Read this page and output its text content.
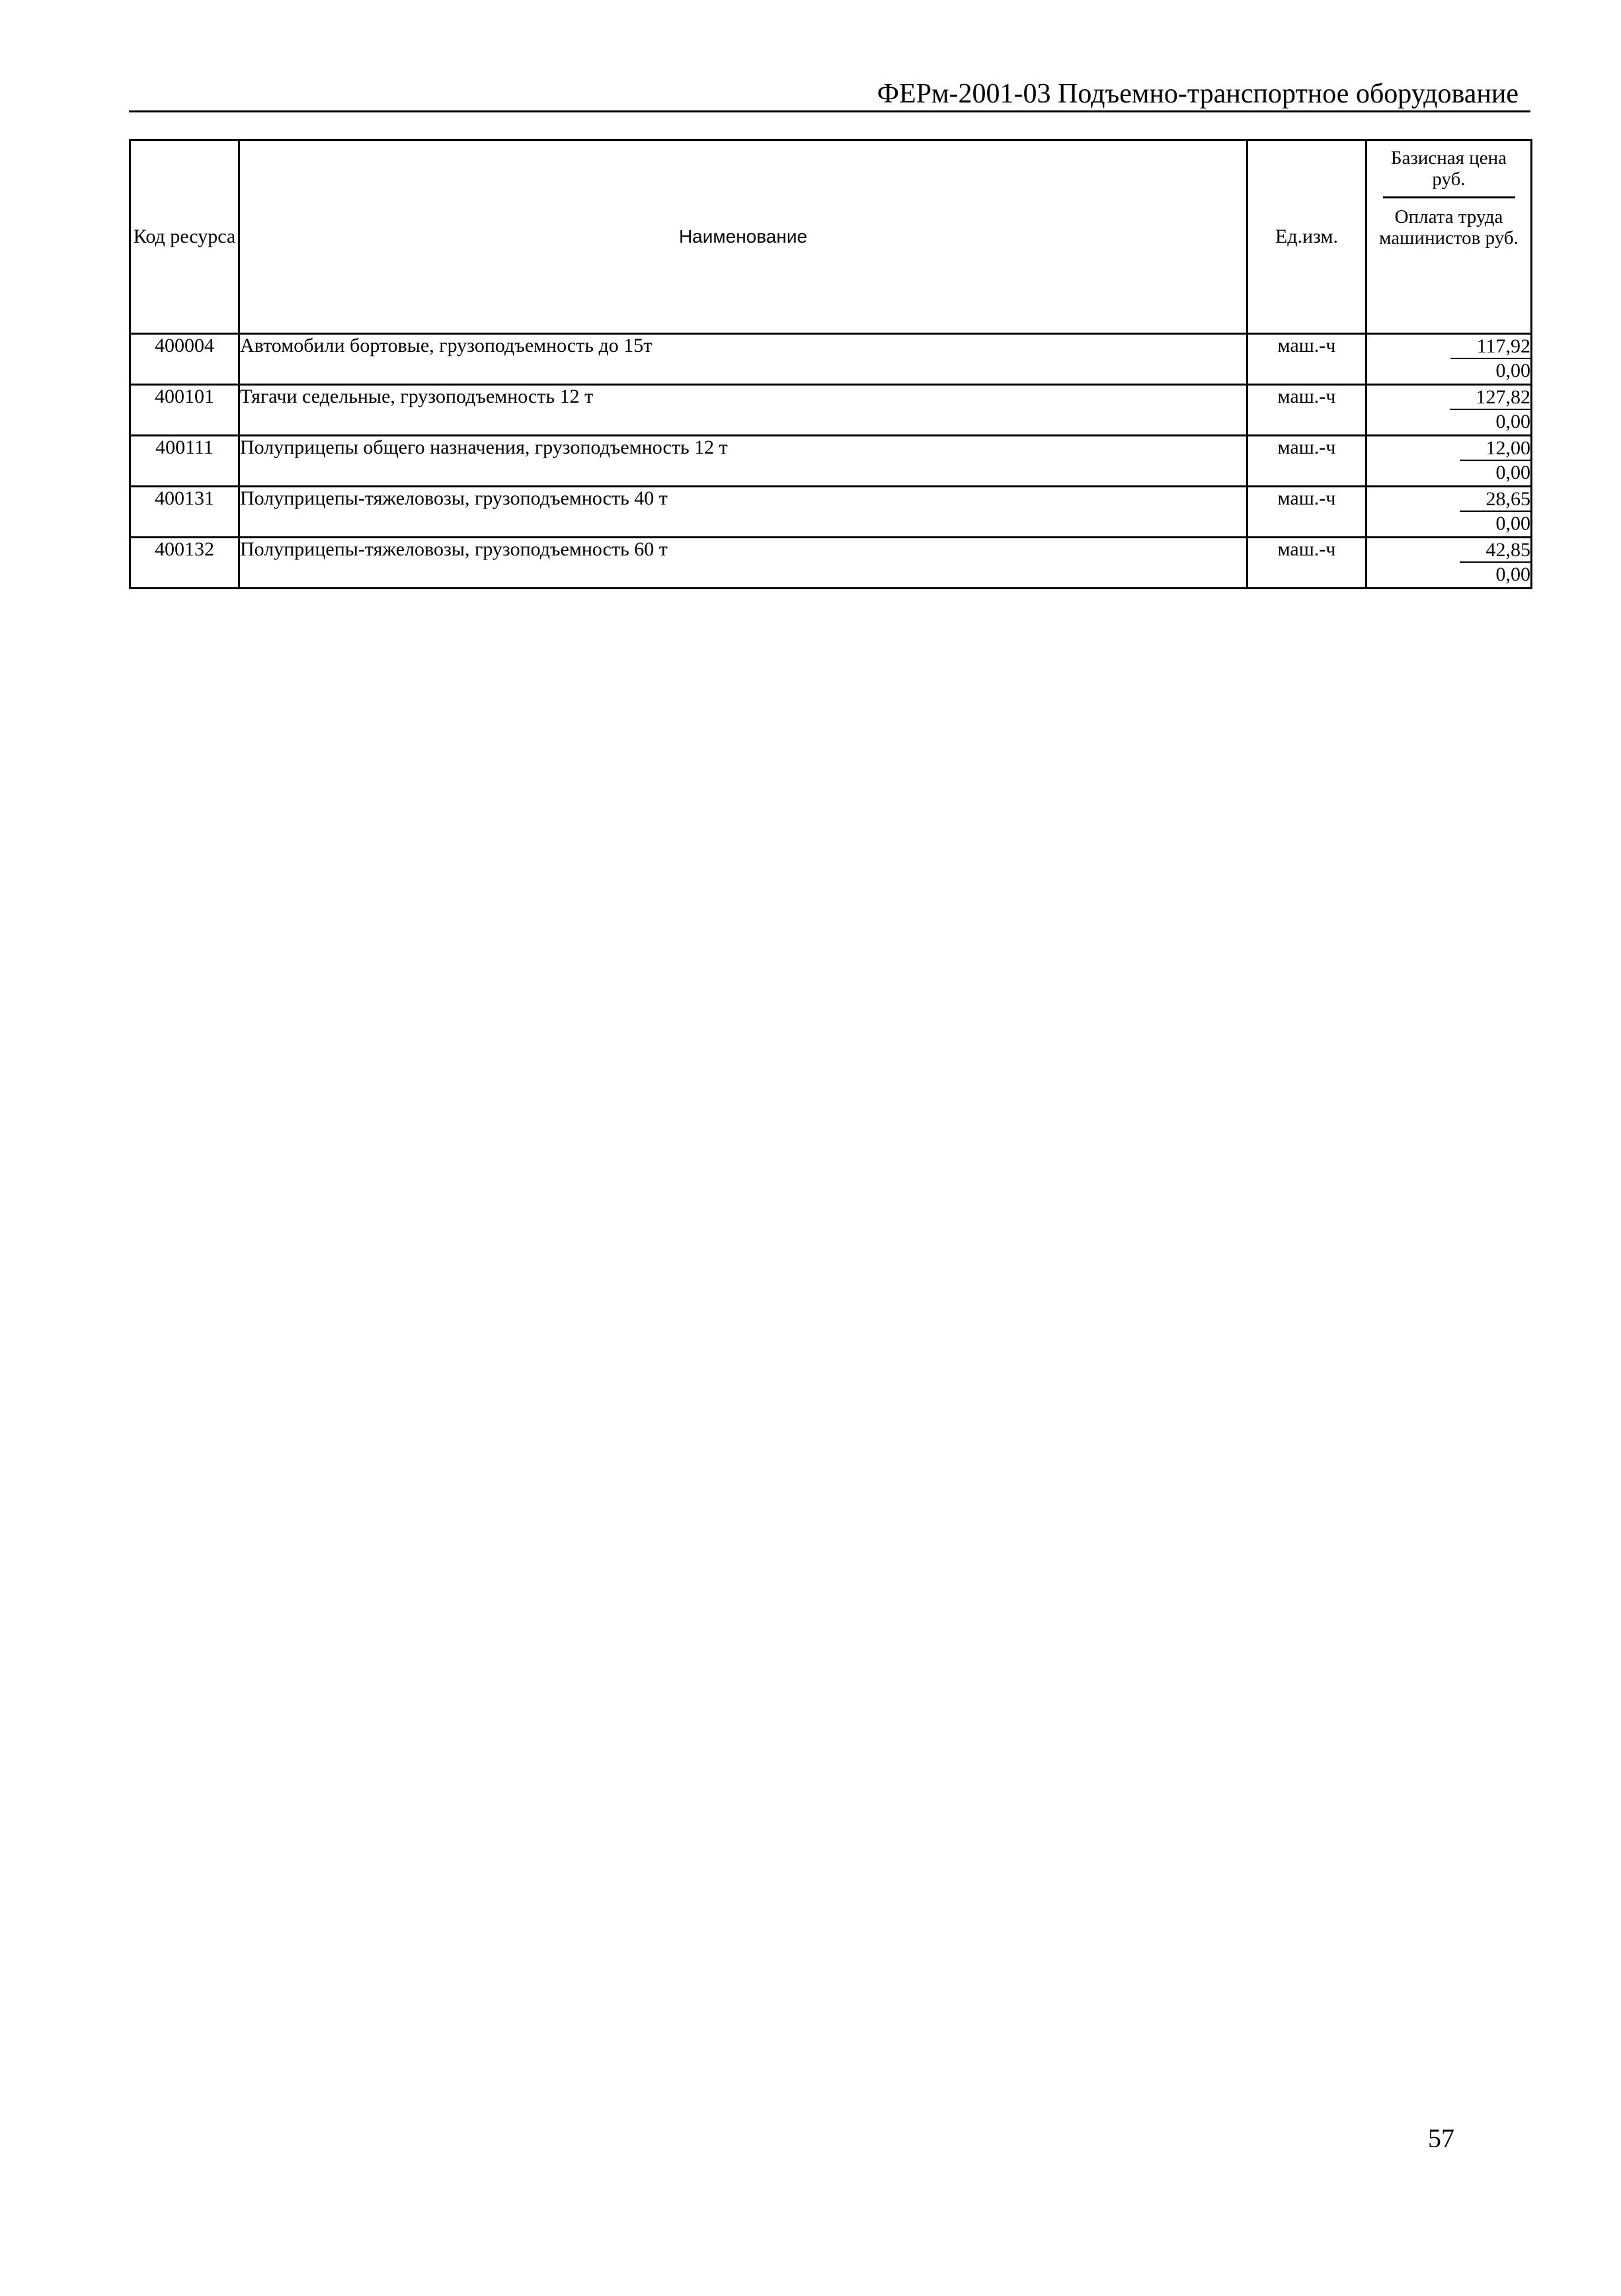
ФЕРм-2001-03 Подъемно-транспортное оборудование
Код ресурса	Наименование	Ед.изм.	Базисная цена руб.
Оплата труда машинистов руб.

400004	Автомобили бортовые, грузоподъемность до 15т	маш.-ч	117,92
0,00

400101	Тягачи седельные, грузоподъемность 12 т	маш.-ч	127,82
0,00

400111	Полуприцепы общего назначения, грузоподъемность 12 т	маш.-ч	12,00
0,00

400131	Полуприцепы-тяжеловозы, грузоподъемность 40 т	маш.-ч	28,65
0,00

400132	Полуприцепы-тяжеловозы, грузоподъемность 60 т	маш.-ч	42,85
0,00
57
